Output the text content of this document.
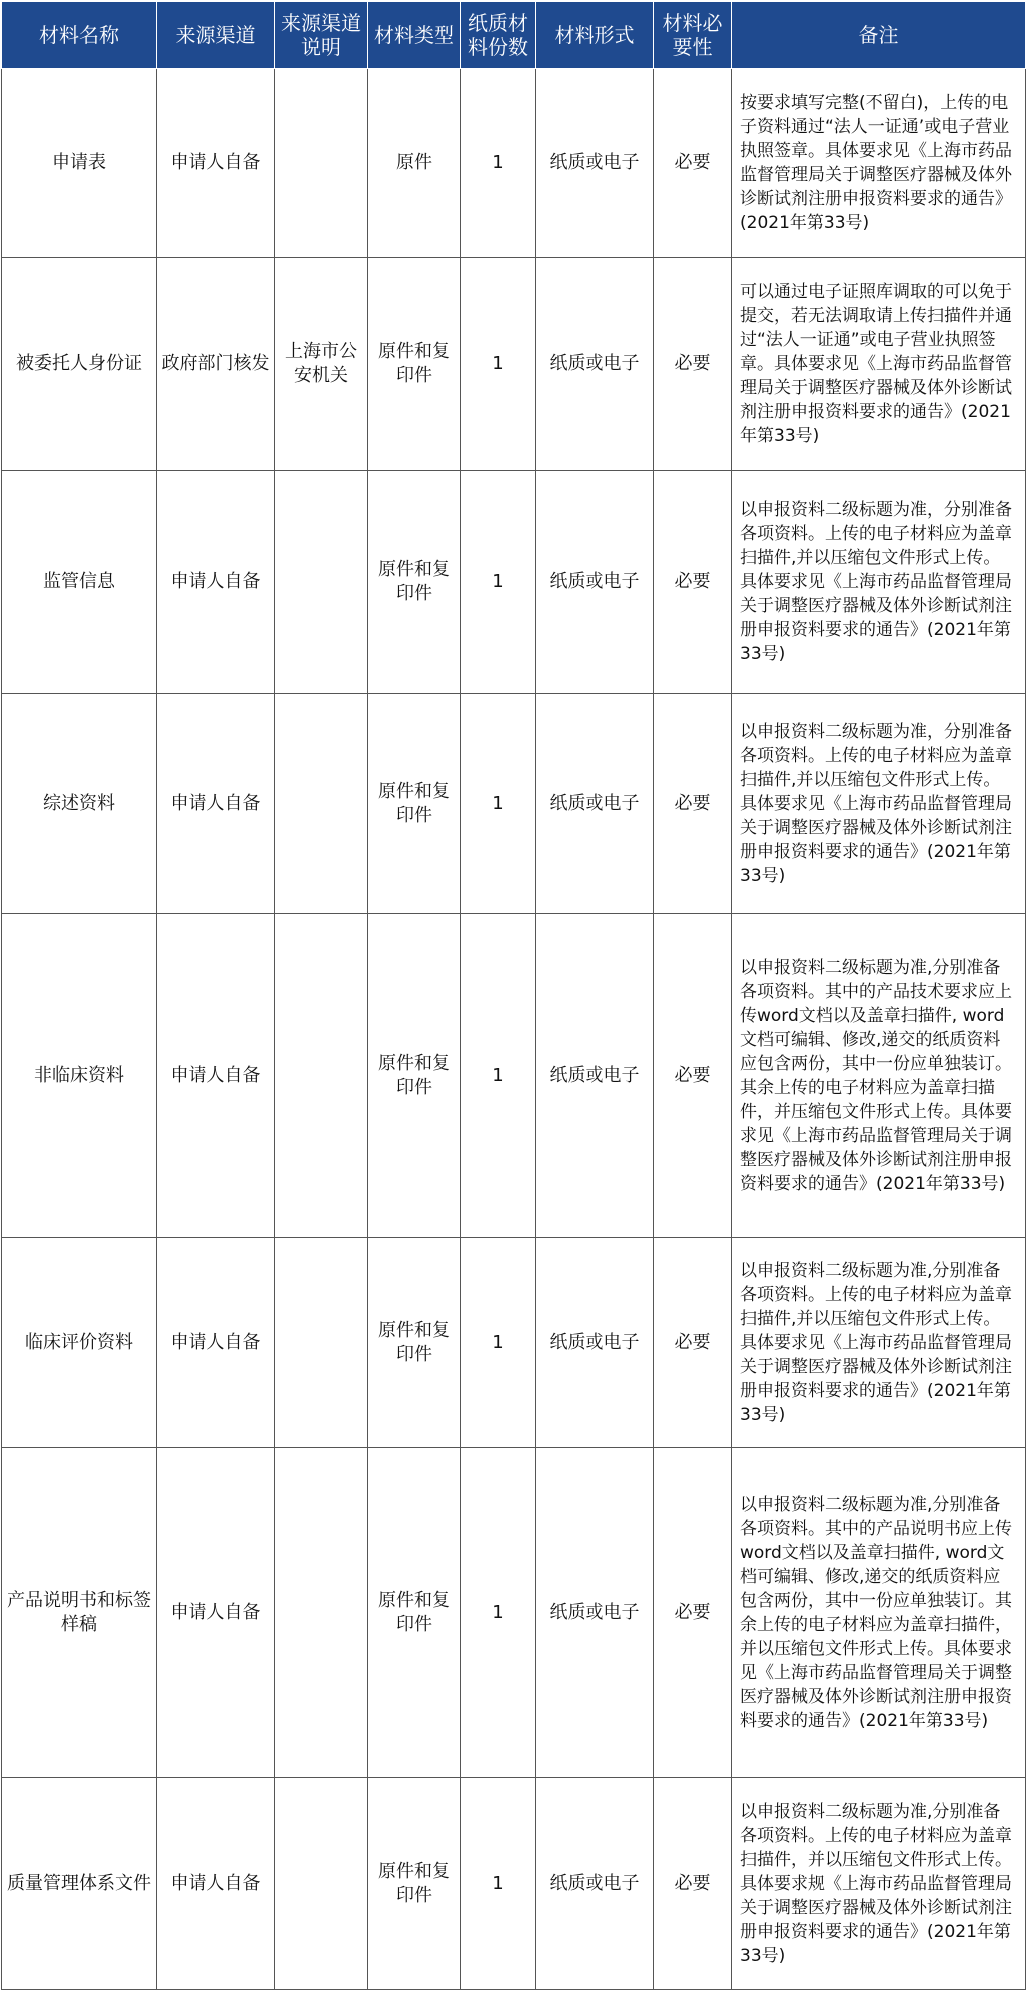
材料名称	来源渠道	来源渠道说明	材料类型	纸质材料份数	材料形式	材料必要性	备注
申请表	申请人自备		原件	1	纸质或电子	必要	按要求填写完整(不留白)，上传的电子资料通过“法人一证通’或电子营业执照签章。具体要求见《上海市药品监督管理局关于调整医疗器械及体外诊断试剂注册申报资料要求的通告》(2021年第33号)
被委托人身份证	政府部门核发	上海市公安机关	原件和复印件	1	纸质或电子	必要	可以通过电子证照库调取的可以免于提交，若无法调取请上传扫描件并通过“法人一证通”或电子营业执照签章。具体要求见《上海市药品监督管理局关于调整医疗器械及体外诊断试剂注册申报资料要求的通告》(2021年第33号)
监管信息	申请人自备		原件和复印件	1	纸质或电子	必要	以申报资料二级标题为准，分别准备各项资料。上传的电子材料应为盖章扫描件,并以压缩包文件形式上传。具体要求见《上海市药品监督管理局关于调整医疗器械及体外诊断试剂注册申报资料要求的通告》(2021年第33号)
综述资料	申请人自备		原件和复印件	1	纸质或电子	必要	以申报资料二级标题为准，分别准备各项资料。上传的电子材料应为盖章扫描件,并以压缩包文件形式上传。具体要求见《上海市药品监督管理局关于调整医疗器械及体外诊断试剂注册申报资料要求的通告》(2021年第33号)
非临床资料	申请人自备		原件和复印件	1	纸质或电子	必要	以申报资料二级标题为准,分别准备各项资料。其中的产品技术要求应上传word文档以及盖章扫描件, word文档可编辑、修改,递交的纸质资料应包含两份，其中一份应单独装订。其余上传的电子材料应为盖章扫描件，并压缩包文件形式上传。具体要求见《上海市药品监督管理局关于调整医疗器械及体外诊断试剂注册申报资料要求的通告》(2021年第33号)
临床评价资料	申请人自备		原件和复印件	1	纸质或电子	必要	以申报资料二级标题为准,分别准备各项资料。上传的电子材料应为盖章扫描件,并以压缩包文件形式上传。具体要求见《上海市药品监督管理局关于调整医疗器械及体外诊断试剂注册申报资料要求的通告》(2021年第33号)
产品说明书和标签样稿	申请人自备		原件和复印件	1	纸质或电子	必要	以申报资料二级标题为准,分别准备各项资料。其中的产品说明书应上传word文档以及盖章扫描件, word文档可编辑、修改,递交的纸质资料应包含两份，其中一份应单独装订。其余上传的电子材料应为盖章扫描件，并以压缩包文件形式上传。具体要求见《上海市药品监督管理局关于调整医疗器械及体外诊断试剂注册申报资料要求的通告》(2021年第33号)
质量管理体系文件	申请人自备		原件和复印件	1	纸质或电子	必要	以申报资料二级标题为准,分别准备各项资料。上传的电子材料应为盖章扫描件，并以压缩包文件形式上传。具体要求规《上海市药品监督管理局关于调整医疗器械及体外诊断试剂注册申报资料要求的通告》(2021年第33号)
